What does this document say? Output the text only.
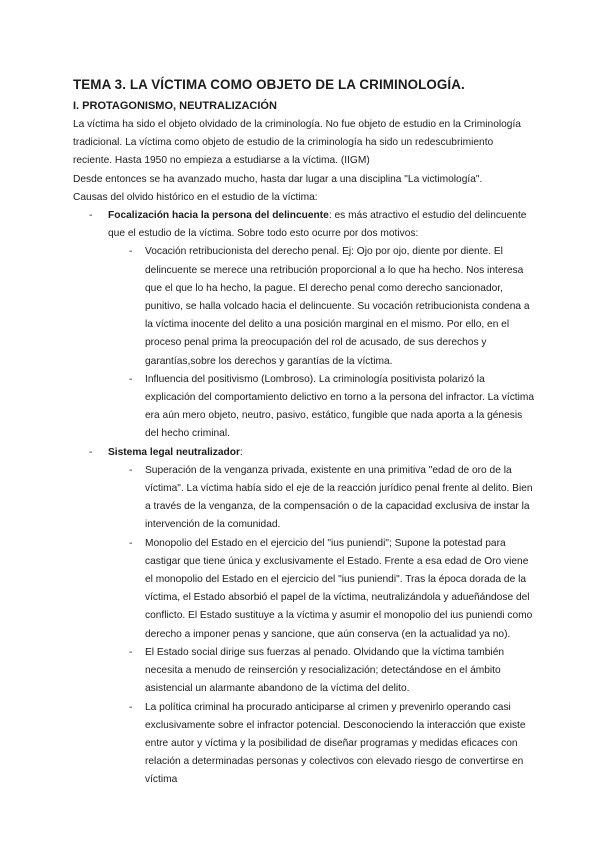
TEMA 3. LA VÍCTIMA COMO OBJETO DE LA CRIMINOLOGÍA.
I. PROTAGONISMO, NEUTRALIZACIÓN

La víctima ha sido el objeto olvidado de la criminología. No fue objeto de estudio en la Criminología tradicional. La víctima como objeto de estudio de la criminología ha sido un redescubrimiento reciente. Hasta 1950 no empieza a estudiarse a la víctima. (IIGM)

Desde entonces se ha avanzado mucho, hasta dar lugar a una disciplina "La victimología".

Causas del olvido histórico en el estudio de la víctima:

- Focalización hacia la persona del delincuente: es más atractivo el estudio del delincuente que el estudio de la víctima. Sobre todo esto ocurre por dos motivos:
- Vocación retribucionista del derecho penal. Ej: Ojo por ojo, diente por diente. El delincuente se merece una retribución proporcional a lo que ha hecho. Nos interesa que el que lo ha hecho, la pague. El derecho penal como derecho sancionador, punitivo, se halla volcado hacia el delincuente. Su vocación retribucionista condena a la víctima inocente del delito a una posición marginal en el mismo. Por ello, en el proceso penal prima la preocupación del rol de acusado, de sus derechos y garantías,sobre los derechos y garantías de la víctima.
- Influencia del positivismo (Lombroso). La criminología positivista polarizó la explicación del comportamiento delictivo en torno a la persona del infractor. La víctima era aún mero objeto, neutro, pasivo, estático, fungible que nada aporta a la génesis del hecho criminal.
- Sistema legal neutralizador:
- Superación de la venganza privada, existente en una primitiva "edad de oro de la víctima". La víctima había sido el eje de la reacción jurídico penal frente al delito. Bien a través de la venganza, de la compensación o de la capacidad exclusiva de instar la intervención de la comunidad.
- Monopolio del Estado en el ejercicio del "ius puniendi"; Supone la potestad para castigar que tiene única y exclusivamente el Estado. Frente a esa edad de Oro viene el monopolio del Estado en el ejercicio del "ius puniendi". Tras la época dorada de la víctima, el Estado absorbió el papel de la víctima, neutralizándola y adueñándose del conflicto. El Estado sustituye a la víctima y asumir el monopolio del ius puniendi como derecho a imponer penas y sancione, que aún conserva (en la actualidad ya no).
- El Estado social dirige sus fuerzas al penado. Olvidando que la víctima también necesita a menudo de reinserción y resocialización; detectándose en el ámbito asistencial un alarmante abandono de la víctima del delito.
- La política criminal ha procurado anticiparse al crimen y prevenirlo operando casi exclusivamente sobre el infractor potencial. Desconociendo la interacción que existe entre autor y víctima y la posibilidad de diseñar programas y medidas eficaces con relación a determinadas personas y colectivos con elevado riesgo de convertirse en víctima
